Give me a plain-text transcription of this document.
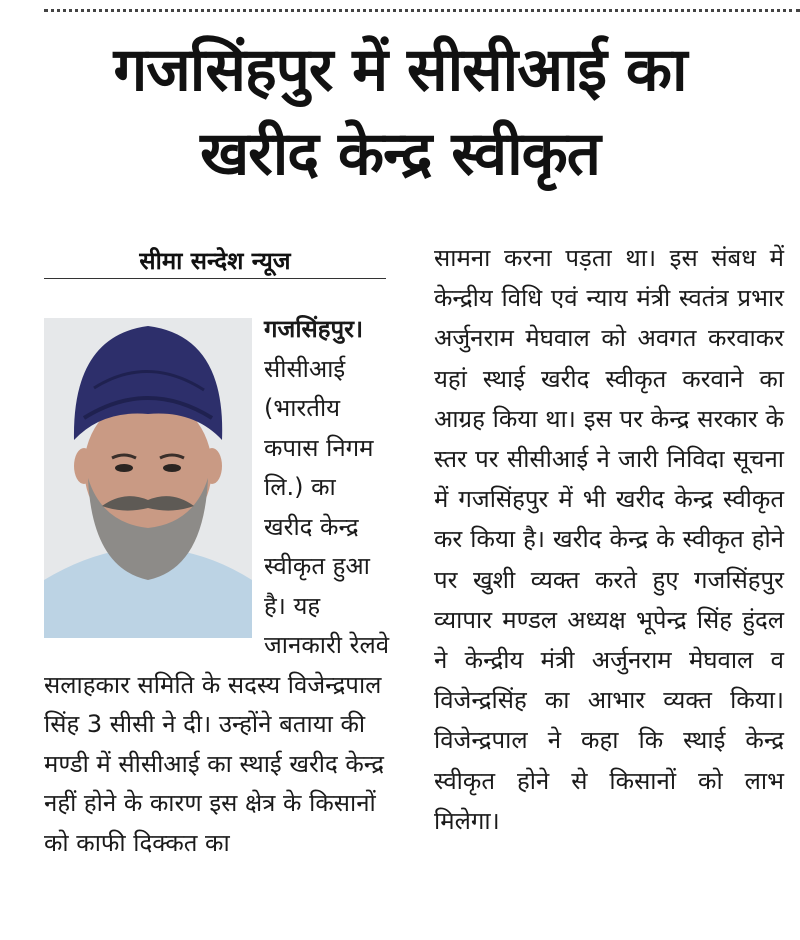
गजसिंहपुर में सीसीआई का
खरीद केन्द्र स्वीकृत
सीमा सन्देश न्यूज

गजसिंहपुर।
सीसीआई (भारतीय कपास निगम लि.) का खरीद केन्द्र स्वीकृत हुआ है। यह जानकारी रेलवे सलाहकार समिति के सदस्य विजेन्द्रपाल सिंह 3 सीसी ने दी। उन्होंने बताया की मण्डी में सीसीआई का स्थाई खरीद केन्द्र नहीं होने के कारण इस क्षेत्र के किसानों को काफी दिक्कत का

सामना करना पड़ता था। इस संबध में केन्द्रीय विधि एवं न्याय मंत्री स्वतंत्र प्रभार अर्जुनराम मेघवाल को अवगत करवाकर यहां स्थाई खरीद स्वीकृत करवाने का आग्रह किया था। इस पर केन्द्र सरकार के स्तर पर सीसीआई ने जारी निविदा सूचना में गजसिंहपुर में भी खरीद केन्द्र स्वीकृत कर किया है। खरीद केन्द्र के स्वीकृत होने पर खुशी व्यक्त करते हुए गजसिंहपुर व्यापार मण्डल अध्यक्ष भूपेन्द्र सिंह हुंदल ने केन्द्रीय मंत्री अर्जुनराम मेघवाल व विजेन्द्रसिंह का आभार व्यक्त किया। विजेन्द्रपाल ने कहा कि स्थाई केन्द्र स्वीकृत होने से किसानों को लाभ मिलेगा।
